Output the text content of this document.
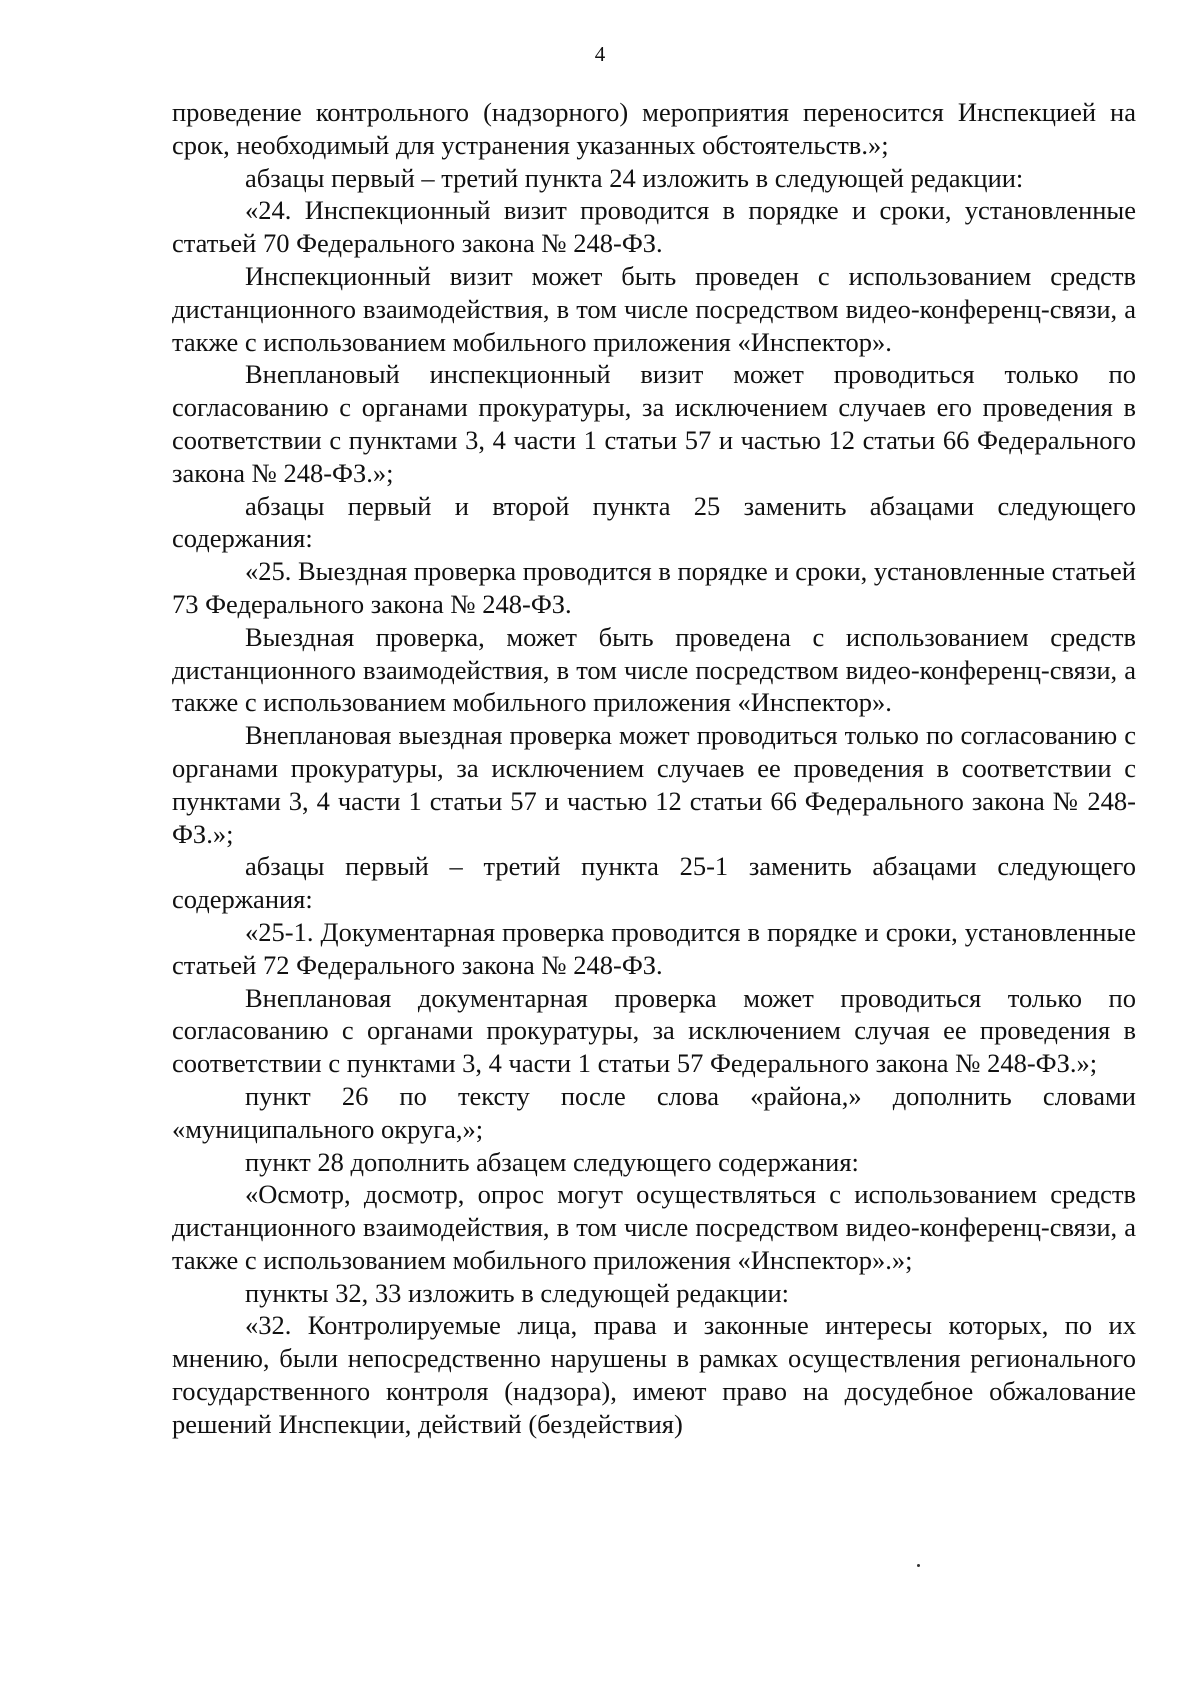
4

проведение контрольного (надзорного) мероприятия переносится Инспекцией на срок, необходимый для устранения указанных обстоятельств.»;

абзацы первый – третий пункта 24 изложить в следующей редакции:

«24. Инспекционный визит проводится в порядке и сроки, установленные статьей 70 Федерального закона № 248-ФЗ.

Инспекционный визит может быть проведен с использованием средств дистанционного взаимодействия, в том числе посредством видео-конференц-связи, а также с использованием мобильного приложения «Инспектор».

Внеплановый инспекционный визит может проводиться только по согласованию с органами прокуратуры, за исключением случаев его проведения в соответствии с пунктами 3, 4 части 1 статьи 57 и частью 12 статьи 66 Федерального закона № 248-ФЗ.»;

абзацы первый и второй пункта 25 заменить абзацами следующего содержания:

«25. Выездная проверка проводится в порядке и сроки, установленные статьей 73 Федерального закона № 248-ФЗ.

Выездная проверка, может быть проведена с использованием средств дистанционного взаимодействия, в том числе посредством видео-конференц-связи, а также с использованием мобильного приложения «Инспектор».

Внеплановая выездная проверка может проводиться только по согласованию с органами прокуратуры, за исключением случаев ее проведения в соответствии с пунктами 3, 4 части 1 статьи 57 и частью 12 статьи 66 Федерального закона № 248-ФЗ.»;

абзацы первый – третий пункта 25-1 заменить абзацами следующего содержания:

«25-1. Документарная проверка проводится в порядке и сроки, установленные статьей 72 Федерального закона № 248-ФЗ.

Внеплановая документарная проверка может проводиться только по согласованию с органами прокуратуры, за исключением случая ее проведения в соответствии с пунктами 3, 4 части 1 статьи 57 Федерального закона № 248-ФЗ.»;

пункт 26 по тексту после слова «района,» дополнить словами «муниципального округа,»;

пункт 28 дополнить абзацем следующего содержания:

«Осмотр, досмотр, опрос могут осуществляться с использованием средств дистанционного взаимодействия, в том числе посредством видео-конференц-связи, а также с использованием мобильного приложения «Инспектор».»;

пункты 32, 33 изложить в следующей редакции:

«32. Контролируемые лица, права и законные интересы которых, по их мнению, были непосредственно нарушены в рамках осуществления регионального государственного контроля (надзора), имеют право на досудебное обжалование решений Инспекции, действий (бездействия)
